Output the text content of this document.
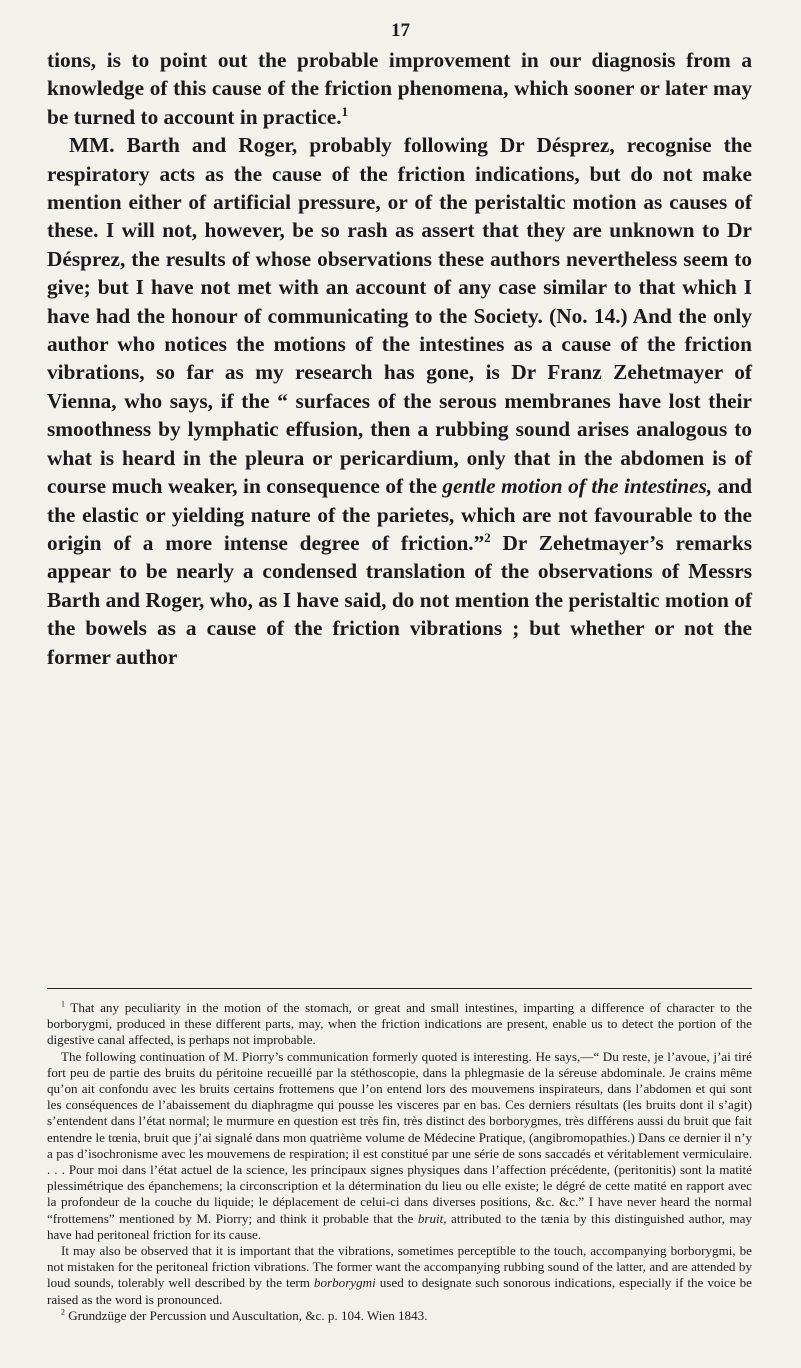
17

tions, is to point out the probable improvement in our diagnosis from a knowledge of this cause of the friction phenomena, which sooner or later may be turned to account in practice.$^1$

MM. Barth and Roger, probably following Dr Désprez, recognise the respiratory acts as the cause of the friction indications, but do not make mention either of artificial pressure, or of the peristaltic motion as causes of these. I will not, however, be so rash as assert that they are unknown to Dr Désprez, the results of whose observations these authors nevertheless seem to give; but I have not met with an account of any case similar to that which I have had the honour of communicating to the Society. (No. 14.) And the only author who notices the motions of the intestines as a cause of the friction vibrations, so far as my research has gone, is Dr Franz Zehetmayer of Vienna, who says, if the “ surfaces of the serous membranes have lost their smoothness by lymphatic effusion, then a rubbing sound arises analogous to what is heard in the pleura or pericardium, only that in the abdomen is of course much weaker, in consequence of the gentle motion of the intestines, and the elastic or yielding nature of the parietes, which are not favourable to the origin of a more intense degree of friction.”$^2$ Dr Zehetmayer’s remarks appear to be nearly a condensed translation of the observations of Messrs Barth and Roger, who, as I have said, do not mention the peristaltic motion of the bowels as a cause of the friction vibrations ; but whether or not the former author

$^1$ That any peculiarity in the motion of the stomach, or great and small intestines, imparting a difference of character to the borborygmi, produced in these different parts, may, when the friction indications are present, enable us to detect the portion of the digestive canal affected, is perhaps not improbable.

The following continuation of M. Piorry’s communication formerly quoted is interesting. He says,—“ Du reste, je l’avoue, j’ai tiré fort peu de partie des bruits du péritoine recueillé par la stéthoscopie, dans la phlegmasie de la séreuse abdominale. Je crains même qu’on ait confondu avec les bruits certains frottemens que l’on entend lors des mouvemens inspirateurs, dans l’abdomen et qui sont les conséquences de l’abaissement du diaphragme qui pousse les visceres par en bas. Ces derniers résultats (les bruits dont il s’agit) s’entendent dans l’état normal; le murmure en question est très fin, très distinct des borborygmes, très différens aussi du bruit que fait entendre le tœnia, bruit que j’ai signalé dans mon quatrième volume de Médecine Pratique, (angibromopathies.) Dans ce dernier il n’y a pas d’isochronisme avec les mouvemens de respiration; il est constitué par une série de sons saccadés et véritablement vermiculaire. . . . Pour moi dans l’état actuel de la science, les principaux signes physiques dans l’affection précédente, (peritonitis) sont la matité plessimétrique des épanchemens; la circonscription et la détermination du lieu ou elle existe; le dégré de cette matité en rapport avec la profondeur de la couche du liquide; le déplacement de celui-ci dans diverses positions, &c. &c.” I have never heard the normal “frottemens” mentioned by M. Piorry; and think it probable that the bruit, attributed to the tænia by this distinguished author, may have had peritoneal friction for its cause.

It may also be observed that it is important that the vibrations, sometimes perceptible to the touch, accompanying borborygmi, be not mistaken for the peritoneal friction vibrations. The former want the accompanying rubbing sound of the latter, and are attended by loud sounds, tolerably well described by the term borborygmi used to designate such sonorous indications, especially if the voice be raised as the word is pronounced.

$^2$ Grundzüge der Percussion und Auscultation, &c. p. 104. Wien 1843.
